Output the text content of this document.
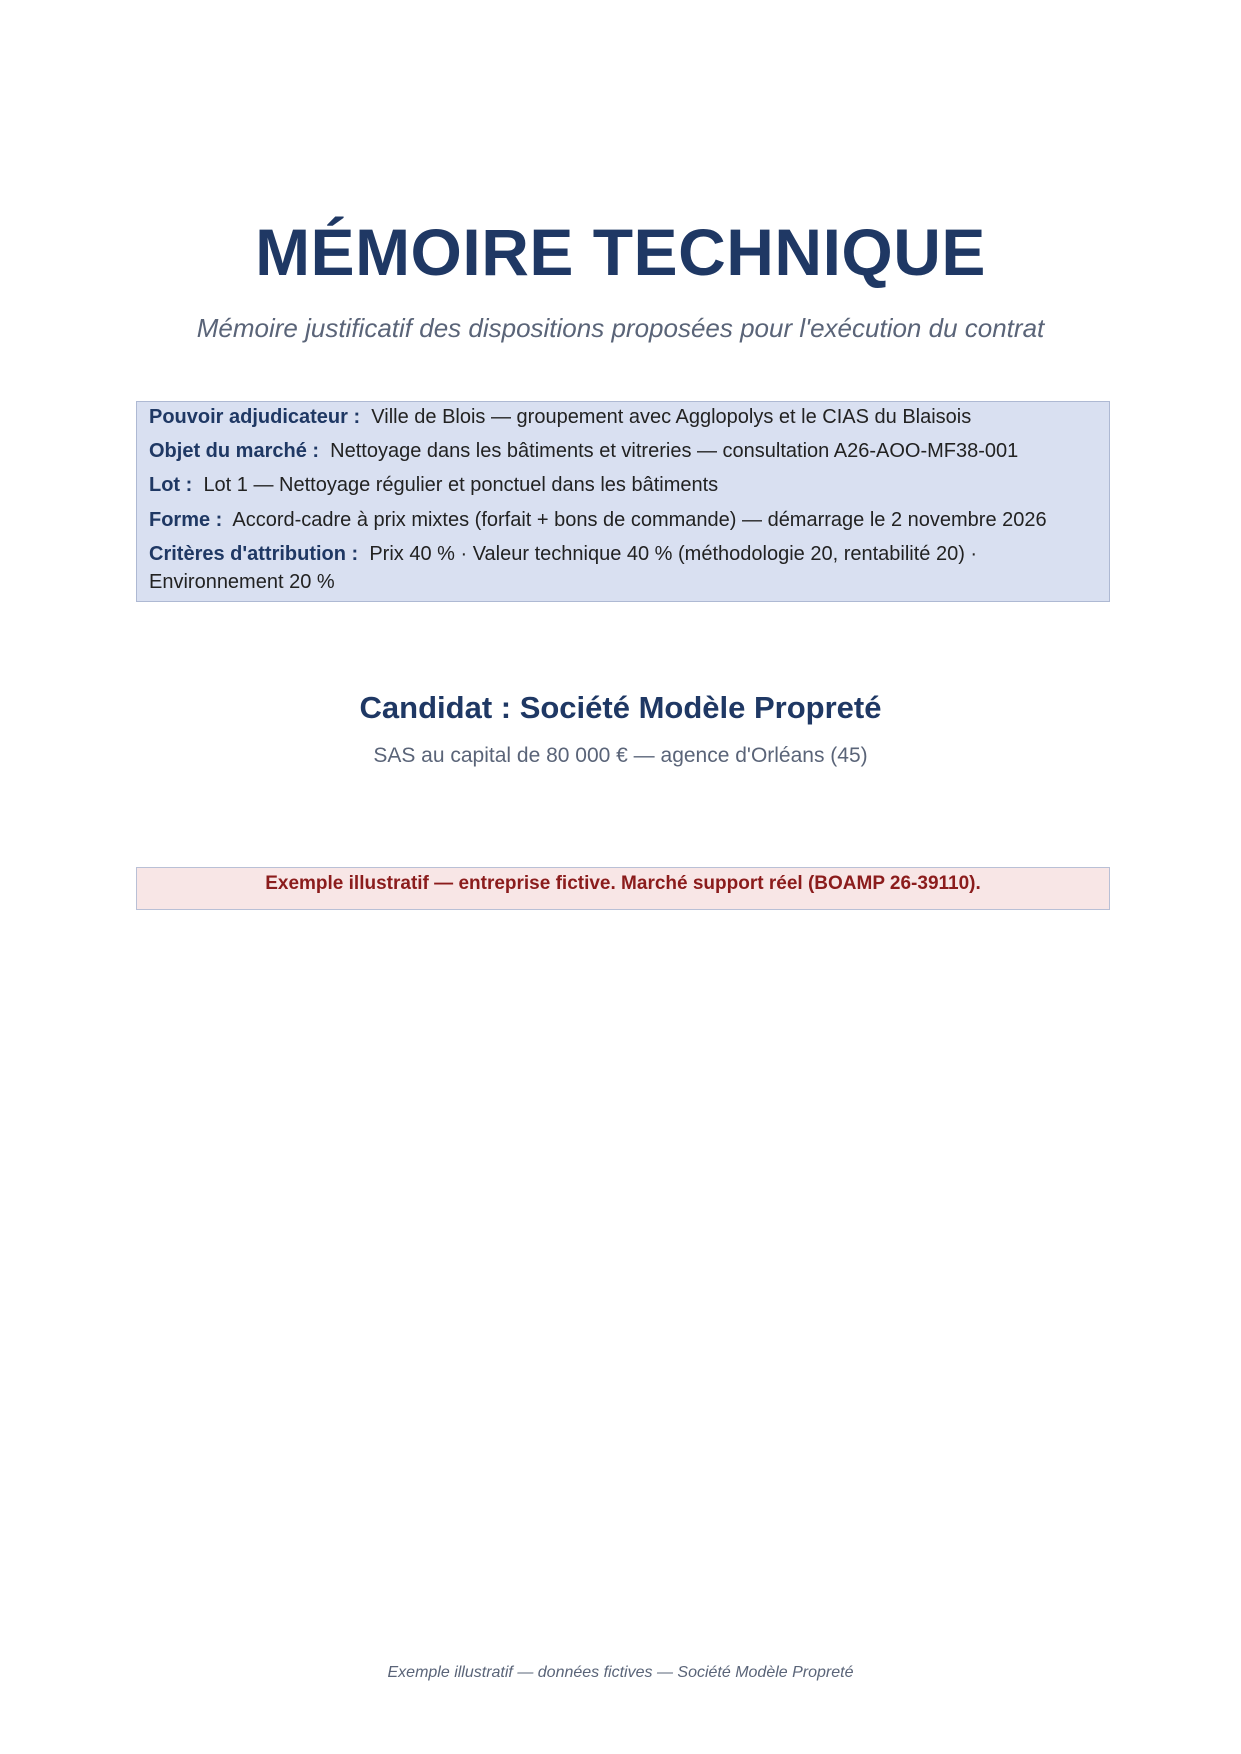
MÉMOIRE TECHNIQUE
Mémoire justificatif des dispositions proposées pour l'exécution du contrat
Pouvoir adjudicateur : Ville de Blois — groupement avec Agglopolys et le CIAS du Blaisois
Objet du marché : Nettoyage dans les bâtiments et vitreries — consultation A26-AOO-MF38-001
Lot : Lot 1 — Nettoyage régulier et ponctuel dans les bâtiments
Forme : Accord-cadre à prix mixtes (forfait + bons de commande) — démarrage le 2 novembre 2026
Critères d'attribution : Prix 40 % · Valeur technique 40 % (méthodologie 20, rentabilité 20) · Environnement 20 %
Candidat : Société Modèle Propreté
SAS au capital de 80 000 € — agence d'Orléans (45)
Exemple illustratif — entreprise fictive. Marché support réel (BOAMP 26-39110).
Exemple illustratif — données fictives — Société Modèle Propreté
